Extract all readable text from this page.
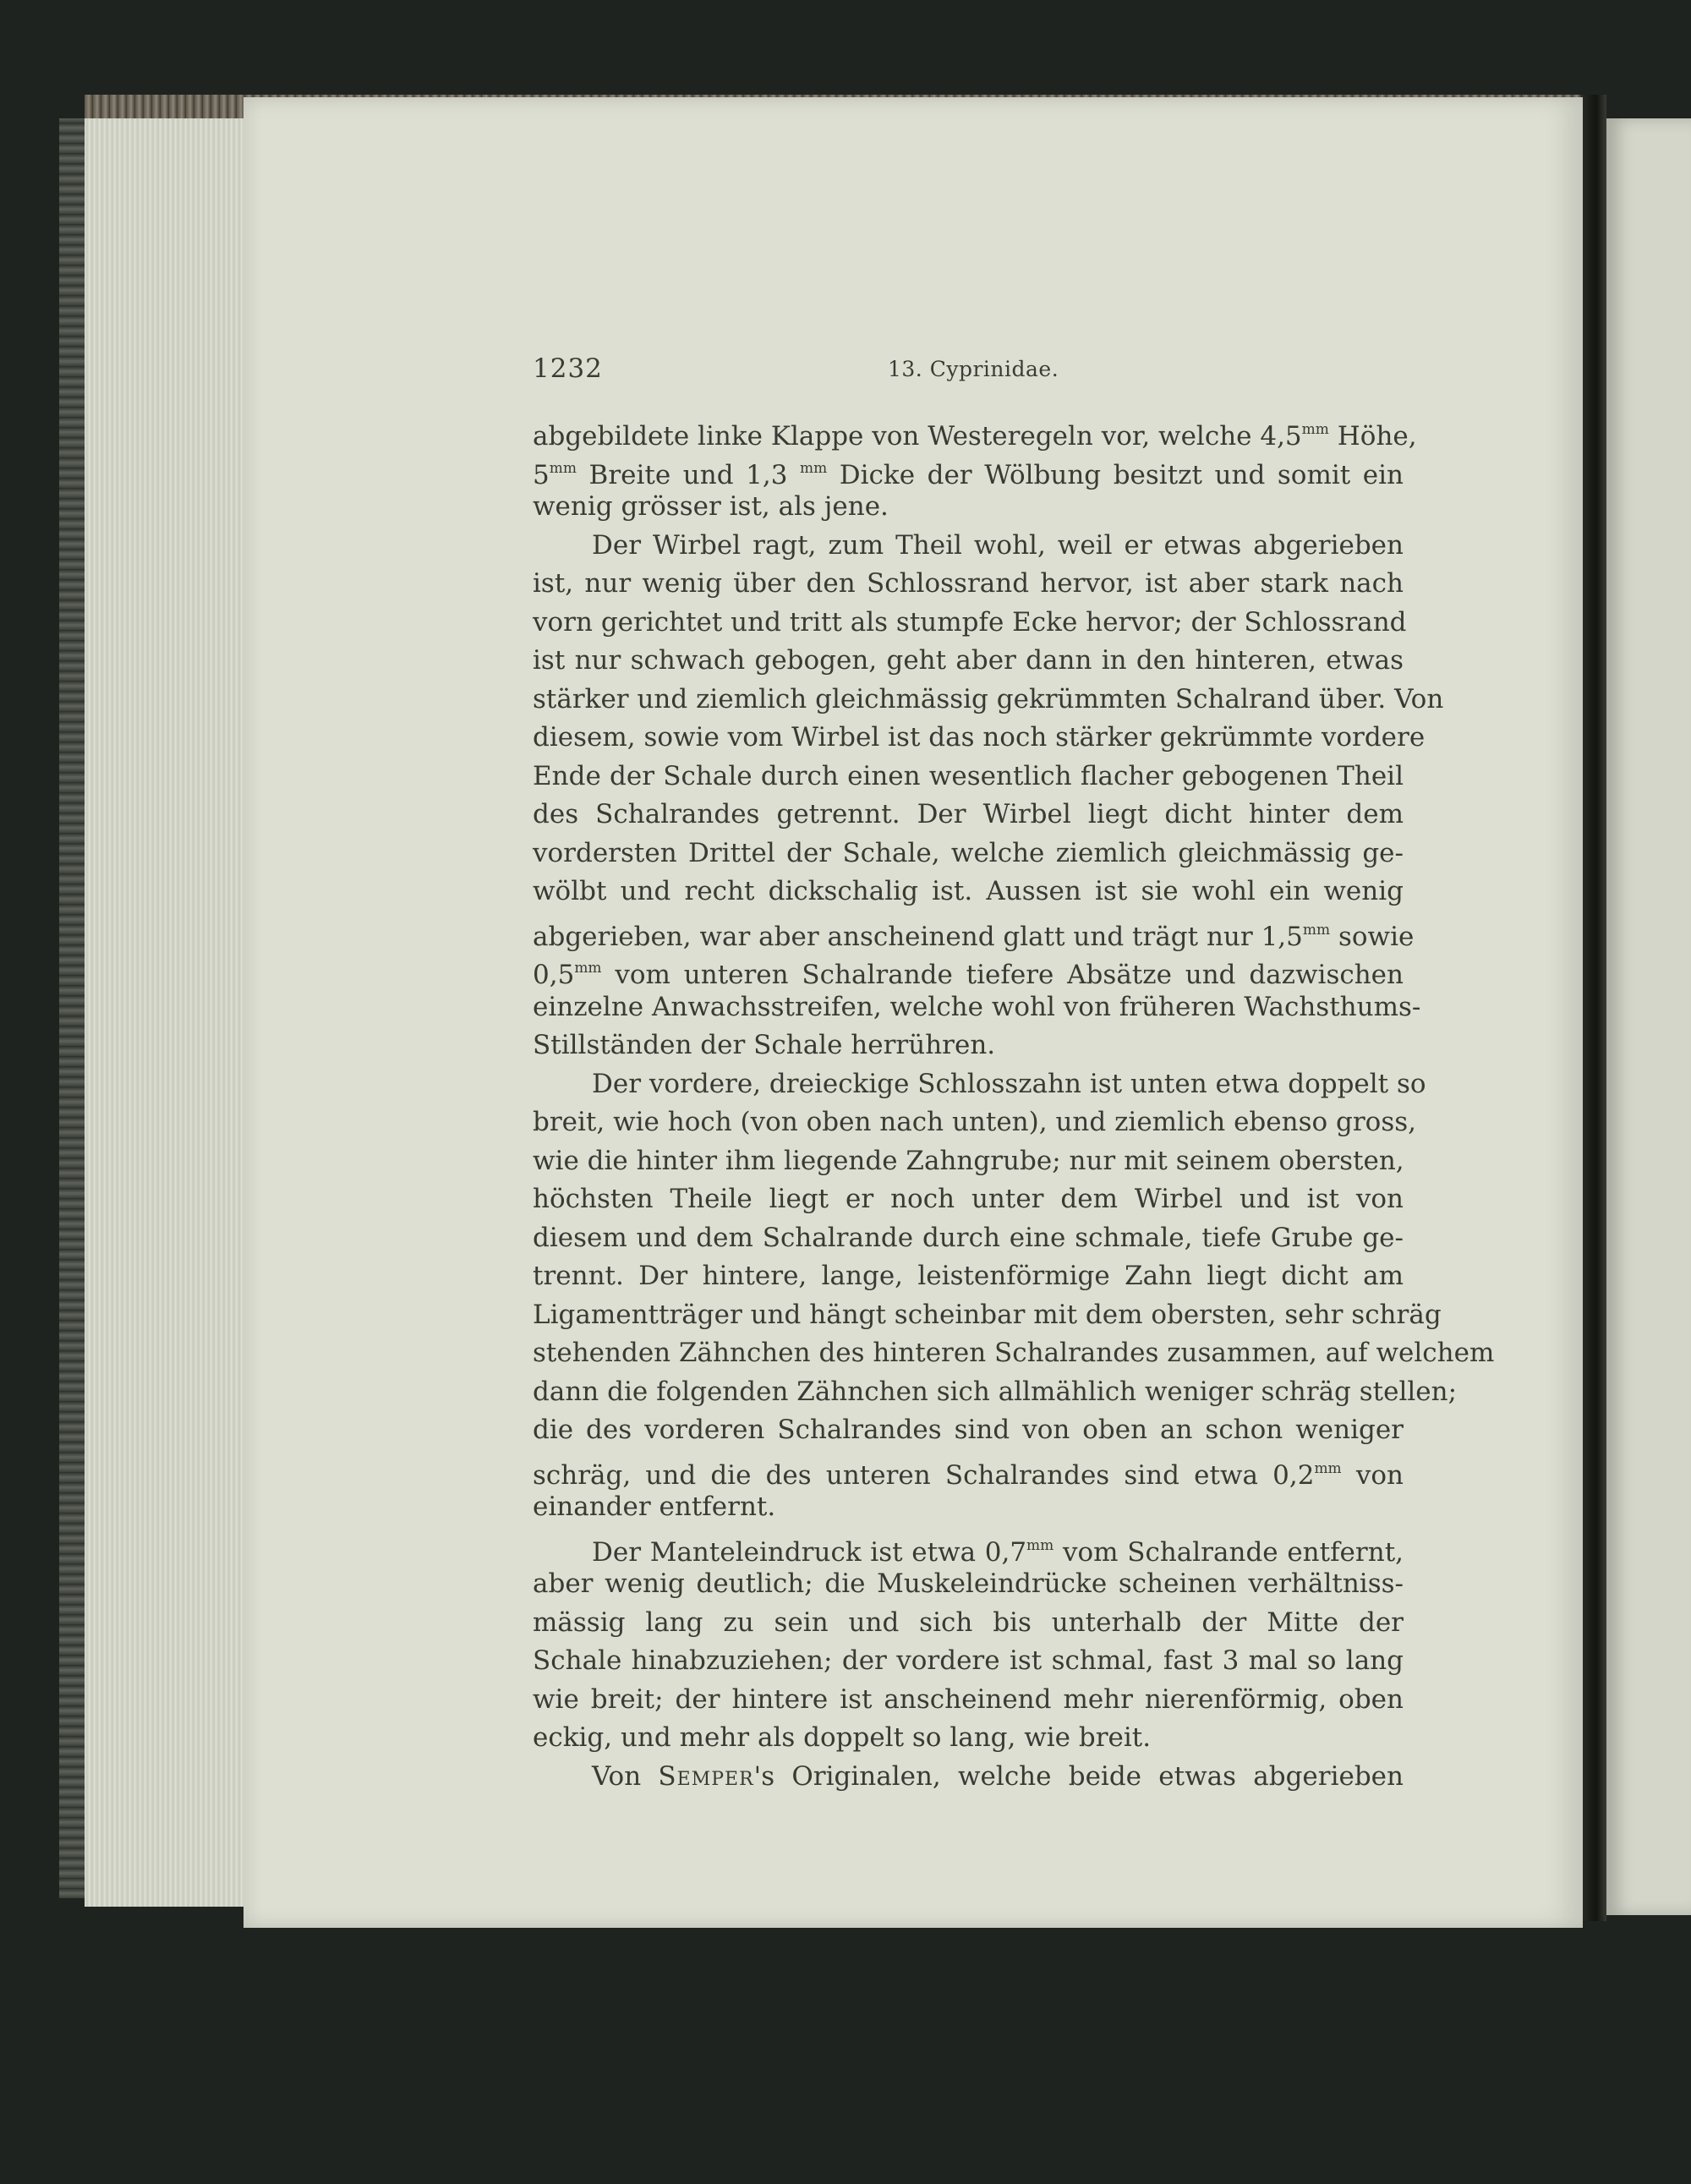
1232	13. Cyprinidae.
abgebildete linke Klappe von Westeregeln vor, welche $4,5^{mm}$ Höhe,
$5^{mm}$ Breite und 1,3 $^{mm}$ Dicke der Wölbung besitzt und somit ein
wenig grösser ist, als jene.
Der Wirbel ragt, zum Theil wohl, weil er etwas abgerieben
ist, nur wenig über den Schlossrand hervor, ist aber stark nach
vorn gerichtet und tritt als stumpfe Ecke hervor; der Schlossrand
ist nur schwach gebogen, geht aber dann in den hinteren, etwas
stärker und ziemlich gleichmässig gekrümmten Schalrand über. Von
diesem, sowie vom Wirbel ist das noch stärker gekrümmte vordere
Ende der Schale durch einen wesentlich flacher gebogenen Theil
des Schalrandes getrennt. Der Wirbel liegt dicht hinter dem
vordersten Drittel der Schale, welche ziemlich gleichmässig ge-
wölbt und recht dickschalig ist. Aussen ist sie wohl ein wenig
abgerieben, war aber anscheinend glatt und trägt nur $1,5^{mm}$ sowie
$0,5^{mm}$ vom unteren Schalrande tiefere Absätze und dazwischen
einzelne Anwachsstreifen, welche wohl von früheren Wachsthums-
Stillständen der Schale herrühren.
Der vordere, dreieckige Schlosszahn ist unten etwa doppelt so
breit, wie hoch (von oben nach unten), und ziemlich ebenso gross,
wie die hinter ihm liegende Zahngrube; nur mit seinem obersten,
höchsten Theile liegt er noch unter dem Wirbel und ist von
diesem und dem Schalrande durch eine schmale, tiefe Grube ge-
trennt. Der hintere, lange, leistenförmige Zahn liegt dicht am
Ligamentträger und hängt scheinbar mit dem obersten, sehr schräg
stehenden Zähnchen des hinteren Schalrandes zusammen, auf welchem
dann die folgenden Zähnchen sich allmählich weniger schräg stellen;
die des vorderen Schalrandes sind von oben an schon weniger
schräg, und die des unteren Schalrandes sind etwa $0,2^{mm}$ von
einander entfernt.
Der Manteleindruck ist etwa $0,7^{mm}$ vom Schalrande entfernt,
aber wenig deutlich; die Muskeleindrücke scheinen verhältniss-
mässig lang zu sein und sich bis unterhalb der Mitte der
Schale hinabzuziehen; der vordere ist schmal, fast 3 mal so lang
wie breit; der hintere ist anscheinend mehr nierenförmig, oben
eckig, und mehr als doppelt so lang, wie breit.
Von Semper's Originalen, welche beide etwas abgerieben
